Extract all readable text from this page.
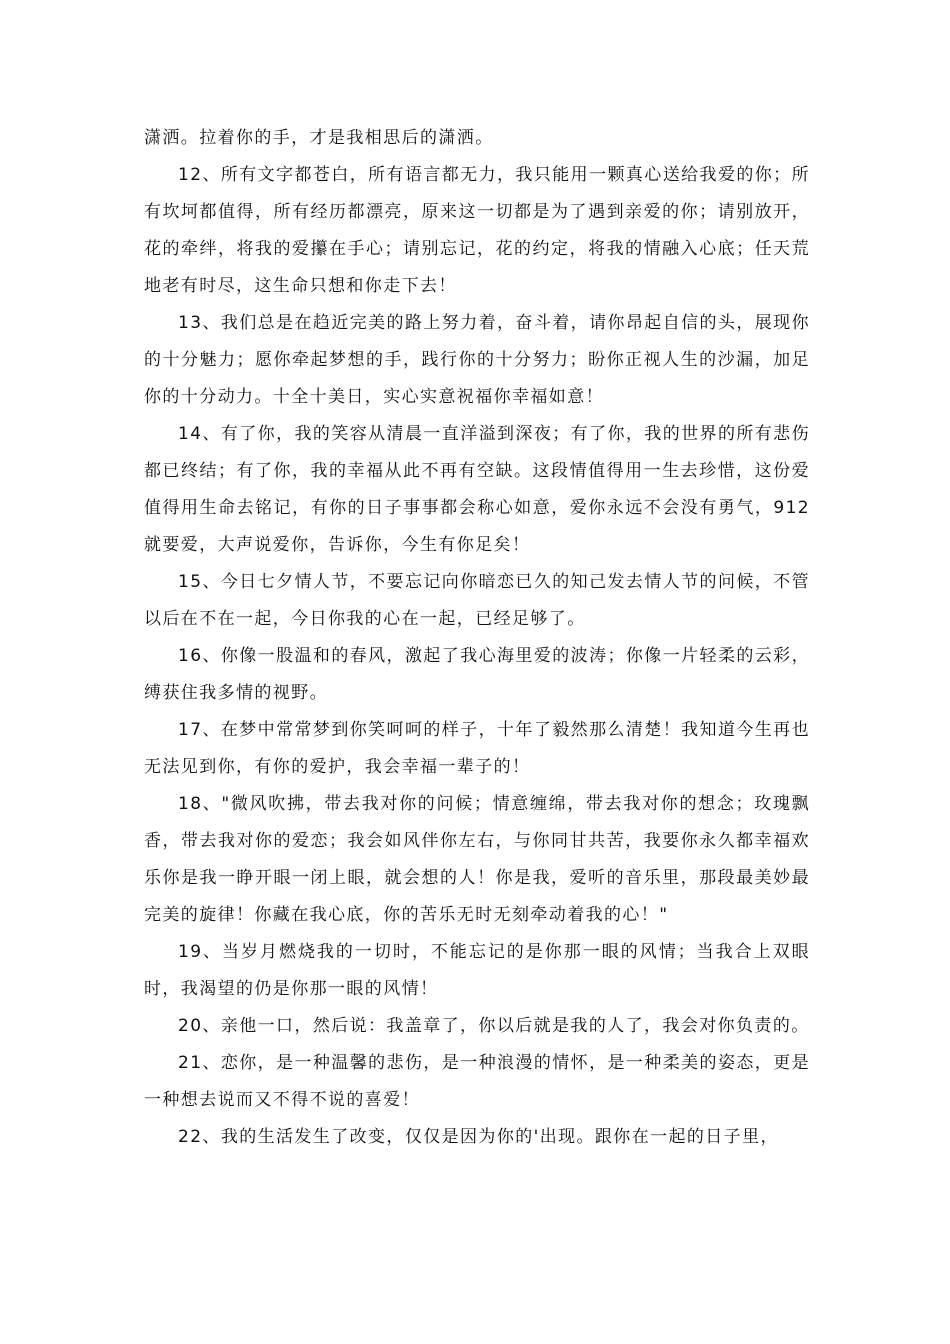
潇洒。拉着你的手，才是我相思后的潇洒。

12、所有文字都苍白，所有语言都无力，我只能用一颗真心送给我爱的你；所有坎坷都值得，所有经历都漂亮，原来这一切都是为了遇到亲爱的你；请别放开，花的牵绊，将我的爱攥在手心；请别忘记，花的约定，将我的情融入心底；任天荒地老有时尽，这生命只想和你走下去！

13、我们总是在趋近完美的路上努力着，奋斗着，请你昂起自信的头，展现你的十分魅力；愿你牵起梦想的手，践行你的十分努力；盼你正视人生的沙漏，加足你的十分动力。十全十美日，实心实意祝福你幸福如意！

14、有了你，我的笑容从清晨一直洋溢到深夜；有了你，我的世界的所有悲伤都已终结；有了你，我的幸福从此不再有空缺。这段情值得用一生去珍惜，这份爱值得用生命去铭记，有你的日子事事都会称心如意，爱你永远不会没有勇气，912就要爱，大声说爱你，告诉你，今生有你足矣！

15、今日七夕情人节，不要忘记向你暗恋已久的知己发去情人节的问候，不管以后在不在一起，今日你我的心在一起，已经足够了。

16、你像一股温和的春风，激起了我心海里爱的波涛；你像一片轻柔的云彩，缚获住我多情的视野。

17、在梦中常常梦到你笑呵呵的样子，十年了毅然那么清楚！我知道今生再也无法见到你，有你的爱护，我会幸福一辈子的！

18、"微风吹拂，带去我对你的问候；情意缠绵，带去我对你的想念；玫瑰飘香，带去我对你的爱恋；我会如风伴你左右，与你同甘共苦，我要你永久都幸福欢乐你是我一睁开眼一闭上眼，就会想的人！你是我，爱听的音乐里，那段最美妙最完美的旋律！你藏在我心底，你的苦乐无时无刻牵动着我的心！"

19、当岁月燃烧我的一切时，不能忘记的是你那一眼的风情；当我合上双眼时，我渴望的仍是你那一眼的风情！

20、亲他一口，然后说：我盖章了，你以后就是我的人了，我会对你负责的。

21、恋你，是一种温馨的悲伤，是一种浪漫的情怀，是一种柔美的姿态，更是一种想去说而又不得不说的喜爱！

22、我的生活发生了改变，仅仅是因为你的'出现。跟你在一起的日子里，
